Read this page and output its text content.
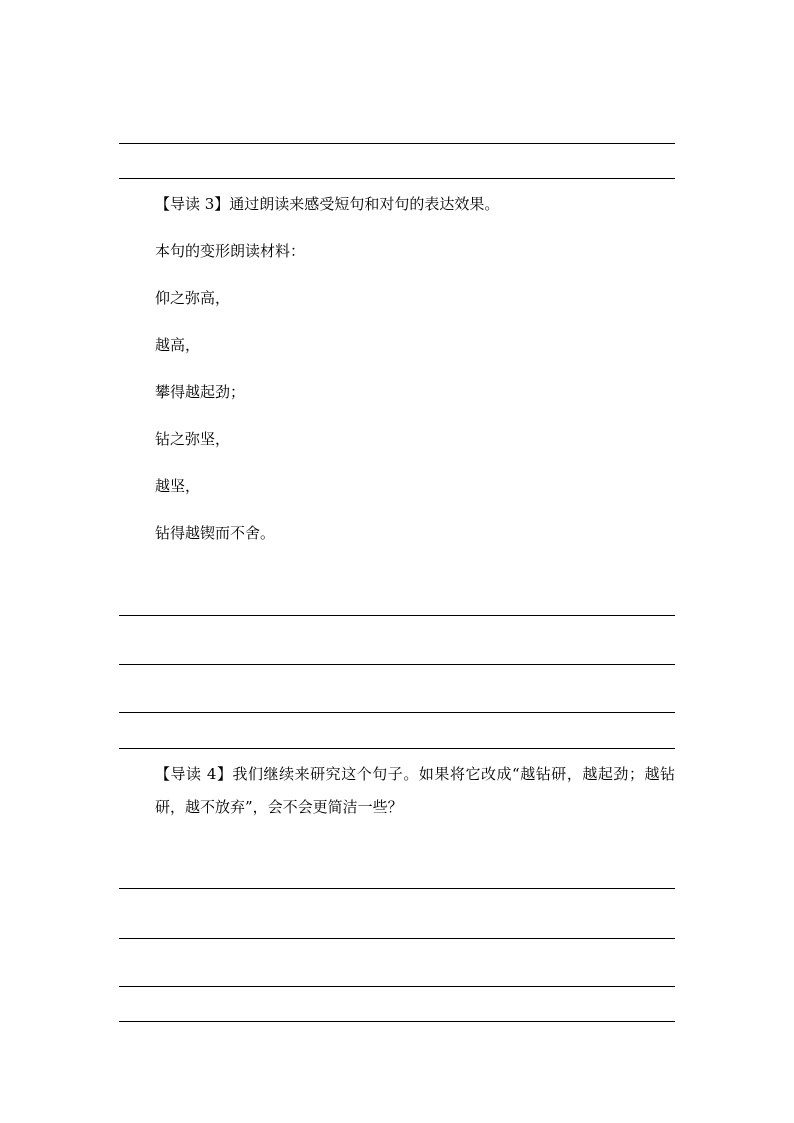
【导读 3】通过朗读来感受短句和对句的表达效果。

本句的变形朗读材料：

仰之弥高，

越高，

攀得越起劲；

钻之弥坚，

越坚，

钻得越锲而不舍。

【导读 4】我们继续来研究这个句子。如果将它改成“越钻研，越起劲；越钻研，越不放弃”，会不会更简洁一些？
